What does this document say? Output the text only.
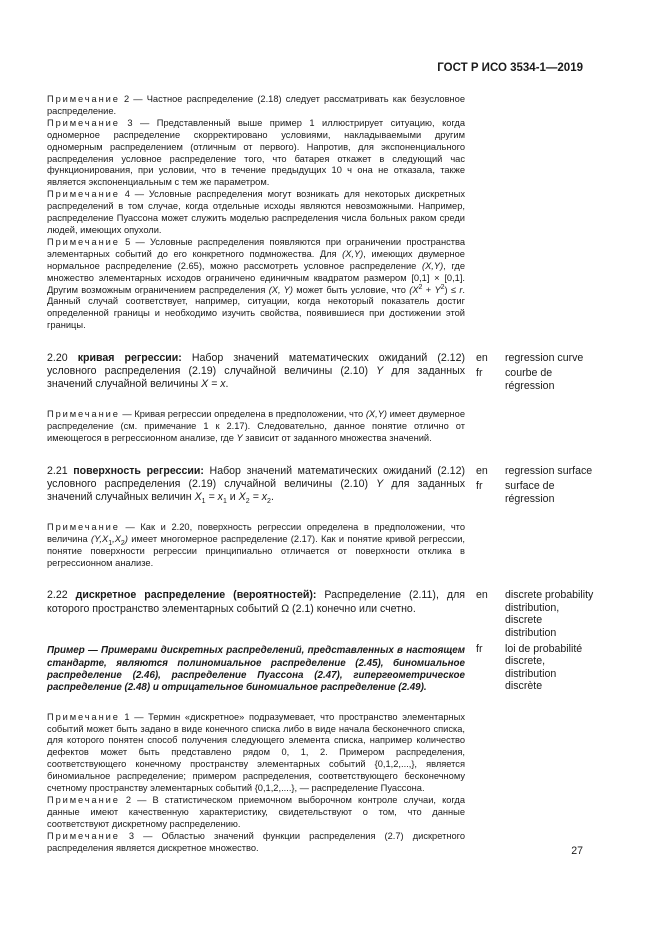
ГОСТ Р ИСО 3534-1—2019

Примечание 2 — Частное распределение (2.18) следует рассматривать как безусловное распределение.

Примечание 3 — Представленный выше пример 1 иллюстрирует ситуацию, когда одномерное распределение скорректировано условиями, накладываемыми другим одномерным распределением (отличным от первого). Напротив, для экспоненциального распределения условное распределение того, что батарея откажет в следующий час функционирования, при условии, что в течение предыдущих 10 ч она не отказала, также является экспоненциальным с тем же параметром.

Примечание 4 — Условные распределения могут возникать для некоторых дискретных распределений в том случае, когда отдельные исходы являются невозможными. Например, распределение Пуассона может служить моделью распределения числа больных раком среди людей, имеющих опухоли.

Примечание 5 — Условные распределения появляются при ограничении пространства элементарных событий до его конкретного подмножества. Для (X,Y), имеющих двумерное нормальное распределение (2.65), можно рассмотреть условное распределение (X,Y), где множество элементарных исходов ограничено единичным квадратом размером [0,1] × [0,1]. Другим возможным ограничением распределения (X, Y) может быть условие, что $(X^2 + Y^2) \le r$. Данный случай соответствует, например, ситуации, когда некоторый показатель достиг определенной границы и необходимо изучить свойства, появившиеся при достижении этой границы.

2.20 кривая регрессии: Набор значений математических ожиданий (2.12) условного распределения (2.19) случайной величины (2.10) Y для заданных значений случайной величины X = x.

Примечание — Кривая регрессии определена в предположении, что (X,Y) имеет двумерное распределение (см. примечание 1 к 2.17). Следовательно, данное понятие отлично от имеющегося в регрессионном анализе, где Y зависит от заданного множества значений.

2.21 поверхность регрессии: Набор значений математических ожиданий (2.12) условного распределения (2.19) случайной величины (2.10) Y для заданных значений случайных величин $X_1 = x_1$ и $X_2 = x_2$.

Примечание — Как и 2.20, поверхность регрессии определена в предположении, что величина $(Y,X_1,X_2)$ имеет многомерное распределение (2.17). Как и понятие кривой регрессии, понятие поверхности регрессии принципиально отличается от поверхности отклика в регрессионном анализе.

2.22 дискретное распределение (вероятностей): Распределение (2.11), для которого пространство элементарных событий Ω (2.1) конечно или счетно.

Пример — Примерами дискретных распределений, представленных в настоящем стандарте, являются полиномиальное распределение (2.45), биномиальное распределение (2.46), распределение Пуассона (2.47), гипергеометрическое распределение (2.48) и отрицательное биномиальное распределение (2.49).

Примечание 1 — Термин «дискретное» подразумевает, что пространство элементарных событий может быть задано в виде конечного списка либо в виде начала бесконечного списка, для которого понятен способ получения следующего элемента списка, например количество дефектов может быть представлено рядом 0, 1, 2. Примером распределения, соответствующего конечному пространству элементарных событий {0,1,2,...,}, является биномиальное распределение; примером распределения, соответствующего бесконечному счетному пространству элементарных событий {0,1,2,....}, — распределение Пуассона.

Примечание 2 — В статистическом приемочном выборочном контроле случаи, когда данные имеют качественную характеристику, свидетельствуют о том, что данные соответствуют дискретному распределению.

Примечание 3 — Областью значений функции распределения (2.7) дискретного распределения является дискретное множество.

en	regression curve
fr	courbe de régression
en	regression surface
fr	surface de régression
en	discrete probability distribution, discrete distribution
fr	loi de probabilité discrete, distribution discrète
27
